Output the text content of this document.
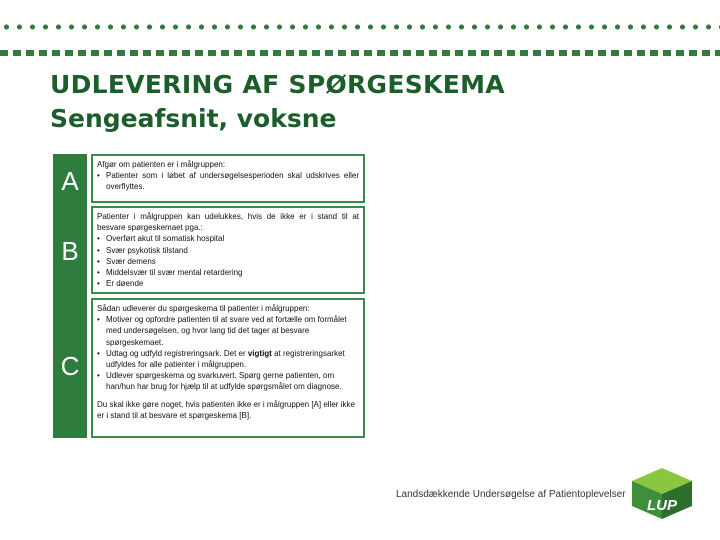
UDLEVERING AF SPØRGESKEMA
Sengeafsnit, voksne
A
B
C

Afgør om patienten er i målgruppen:

• Patienter som i løbet af undersøgelsesperioden skal udskrives eller overflyttes.

Patienter i målgruppen kan udelukkes, hvis de ikke er i stand til at besvare spørgeskemaet pga.:

• Overført akut til somatisk hospital
• Svær psykotisk tilstand
• Svær demens
• Middelsvær til svær mental retardering
• Er døende

Sådan udleverer du spørgeskema til patienter i målgruppen:

• Motiver og opfordre patienten til at svare ved at fortælle om formålet med undersøgelsen, og hvor lang tid det tager at besvare spørgeskemaet.
• Udtag og udfyld registreringsark. Det er vigtigt at registreringsarket udfyldes for alle patienter i målgruppen.
• Udlever spørgeskema og svarkuvert. Spørg gerne patienten, om han/hun har brug for hjælp til at udfylde spørgsmålet om diagnose.

Du skal ikke gøre noget, hvis patienten ikke er i målgruppen [A] eller ikke er i stand til at besvare et spørgeskema [B].

Landsdækkende Undersøgelse af Patientoplevelser
LUP
